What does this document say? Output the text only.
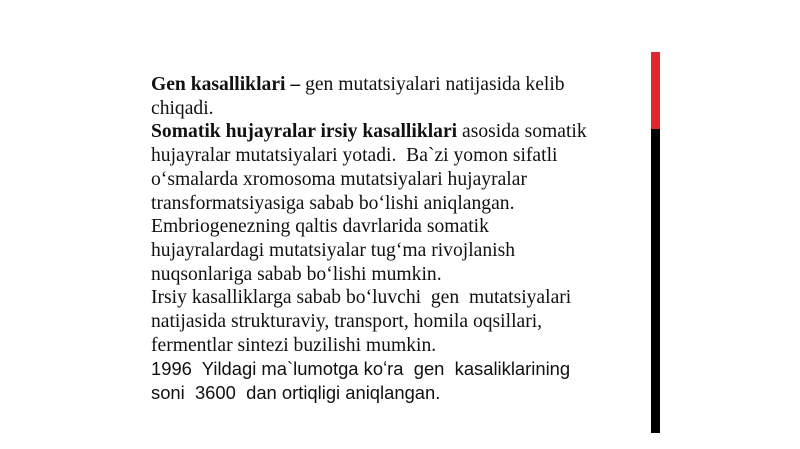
Gen kasalliklari – gen mutatsiyalari natijasida kelib
chiqadi.

Somatik hujayralar irsiy kasalliklari asosida somatik
hujayralar mutatsiyalari yotadi.  Ba`zi yomon sifatli
oʻsmalarda xromosoma mutatsiyalari hujayralar
transformatsiyasiga sabab boʻlishi aniqlangan.

Embriogenezning qaltis davrlarida somatik
hujayralardagi mutatsiyalar tugʻma rivojlanish
nuqsonlariga sabab boʻlishi mumkin.

Irsiy kasalliklarga sabab boʻluvchi  gen  mutatsiyalari
natijasida strukturaviy, transport, homila oqsillari,
fermentlar sintezi buzilishi mumkin.

1996  Yildagi ma`lumotga koʻra  gen  kasaliklarining
soni  3600  dan ortiqligi aniqlangan.
